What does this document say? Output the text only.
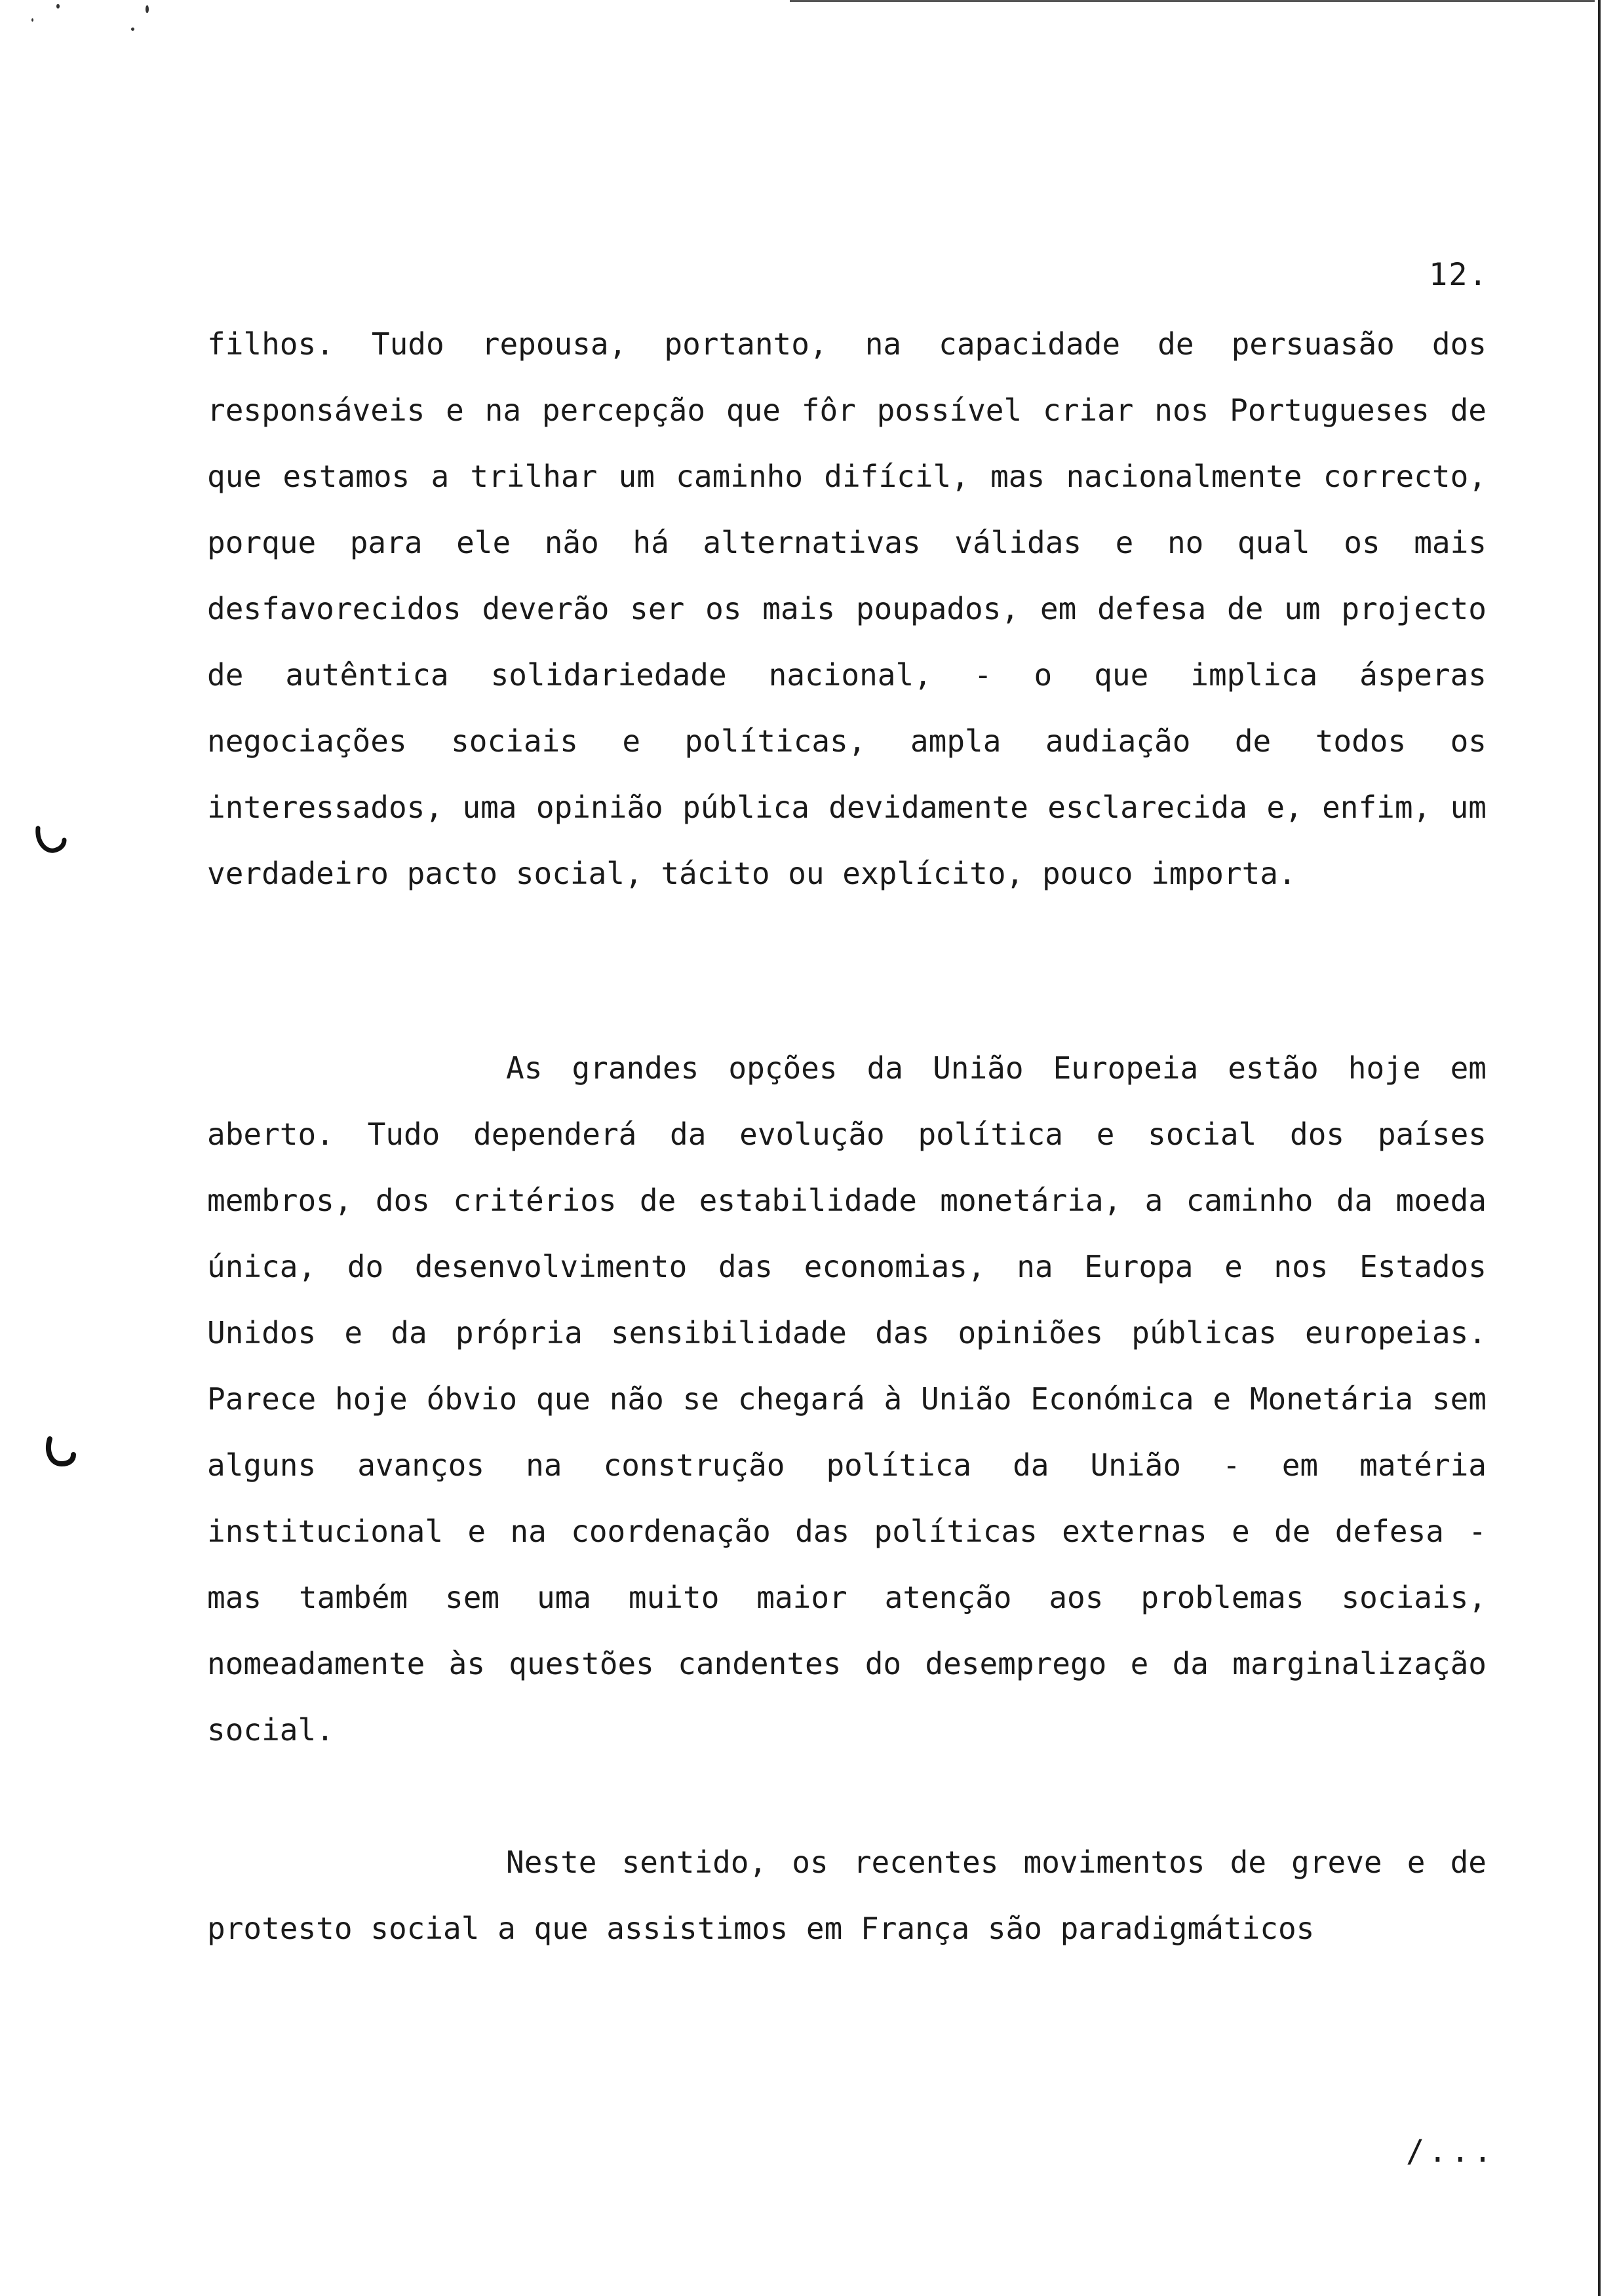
12.

filhos. Tudo repousa, portanto, na capacidade de persuasão dos responsáveis e na percepção que fôr possível criar nos Portugueses de que estamos a trilhar um caminho difícil, mas nacionalmente correcto, porque para ele não há alternativas válidas e no qual os mais desfavorecidos deverão ser os mais poupados, em defesa de um projecto de autêntica solidariedade nacional, - o que implica ásperas negociações sociais e políticas, ampla audiação de todos os interessados, uma opinião pública devidamente esclarecida e, enfim, um verdadeiro pacto social, tácito ou explícito, pouco importa.

As grandes opções da União Europeia estão hoje em aberto. Tudo dependerá da evolução política e social dos países membros, dos critérios de estabilidade monetária, a caminho da moeda única, do desenvolvimento das economias, na Europa e nos Estados Unidos e da própria sensibilidade das opiniões públicas europeias. Parece hoje óbvio que não se chegará à União Económica e Monetária sem alguns avanços na construção política da União - em matéria institucional e na coordenação das políticas externas e de defesa - mas também sem uma muito maior atenção aos problemas sociais, nomeadamente às questões candentes do desemprego e da marginalização social.

Neste sentido, os recentes movimentos de greve e de protesto social a que assistimos em França são paradigmáticos

/...
